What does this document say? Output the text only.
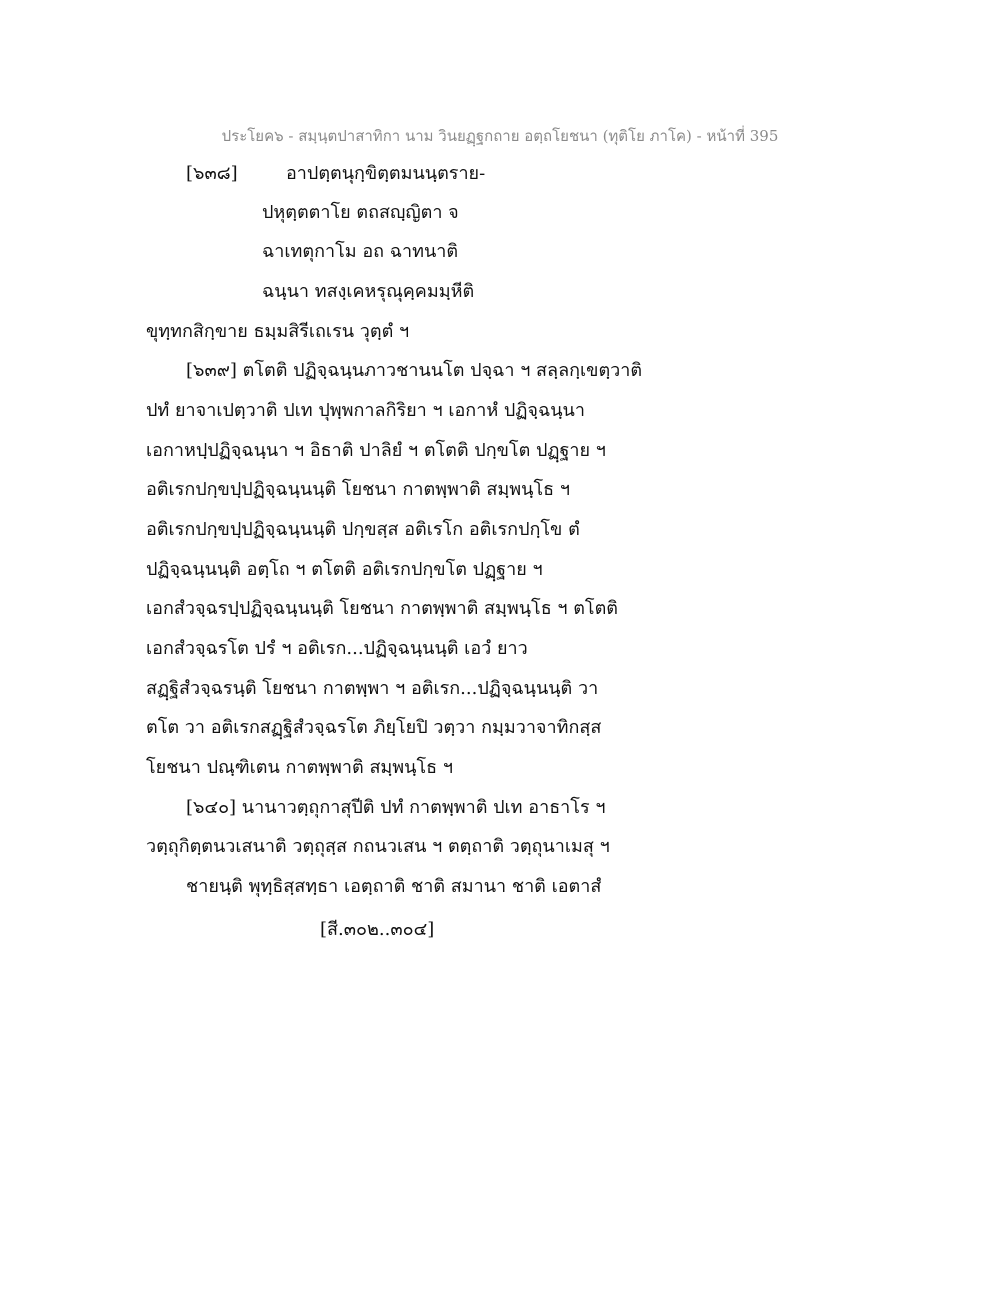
ประโยค๖ - สมฺนฺตปาสาทิกา นาม วินยฏฺฐกถาย อตฺถโยชนา (ทุติโย ภาโค) - หน้าที่ 395
[๖๓๘]	อาปตฺตนุกฺขิตฺตมนนฺตราย-
ปหุตฺตตาโย ตถสญฺญิตา จ
ฉาเทตุกาโม อถ ฉาทนาติ
ฉนฺนา ทสงฺเคหรุณุคฺคมมฺหีติ
ขุทฺทกสิกฺขาย ธมฺมสิรีเถเรน วุตฺตํ ฯ
[๖๓๙] ตโตติ ปฏิจฺฉนฺนภาวชานนโต ปจฺฉา ฯ สลฺลกฺเขตฺวาติ
ปทํ ยาจาเปตฺวาติ ปเท ปุพฺพกาลกิริยา ฯ เอกาหํ ปฏิจฺฉนฺนา
เอกาหปฺปฏิจฺฉนฺนา ฯ อิธาติ ปาลิยํ ฯ ตโตติ ปกฺขโต ปฏฺฐาย ฯ
อติเรกปกฺขปฺปฏิจฺฉนฺนนฺติ โยชนา กาตพฺพาติ สมฺพนฺโธ ฯ
อติเรกปกฺขปฺปฏิจฺฉนฺนนฺติ ปกฺขสฺส อติเรโก อติเรกปกฺโข ตํ
ปฏิจฺฉนฺนนฺติ อตฺโถ ฯ ตโตติ อติเรกปกฺขโต ปฏฺฐาย ฯ
เอกสํวจฺฉรปฺปฏิจฺฉนฺนนฺติ โยชนา กาตพฺพาติ สมฺพนฺโธ ฯ ตโตติ
เอกสํวจฺฉรโต ปรํ ฯ อติเรก...ปฏิจฺฉนฺนนฺติ เอวํ ยาว
สฏฺฐิสํวจฺฉรนฺติ โยชนา กาตพฺพา ฯ อติเรก...ปฏิจฺฉนฺนนฺติ วา
ตโต วา อติเรกสฏฺฐิสํวจฺฉรโต ภิยฺโยปิ วตฺวา กมฺมวาจาทิกสฺส
โยชนา ปณฺฑิเตน กาตพฺพาติ สมฺพนฺโธ ฯ
[๖๔๐] นานาวตฺถุกาสุปีติ ปทํ กาตพฺพาติ ปเท อาธาโร ฯ
วตฺถุกิตฺตนวเสนาติ วตฺถุสฺส กถนวเสน ฯ ตตฺถาติ วตฺถุนาเมสุ ฯ
ชายนฺติ พุทฺธิสฺสทฺธา เอตฺถาติ ชาติ สมานา ชาติ เอตาสํ
[สี.๓๐๒..๓๐๔]
